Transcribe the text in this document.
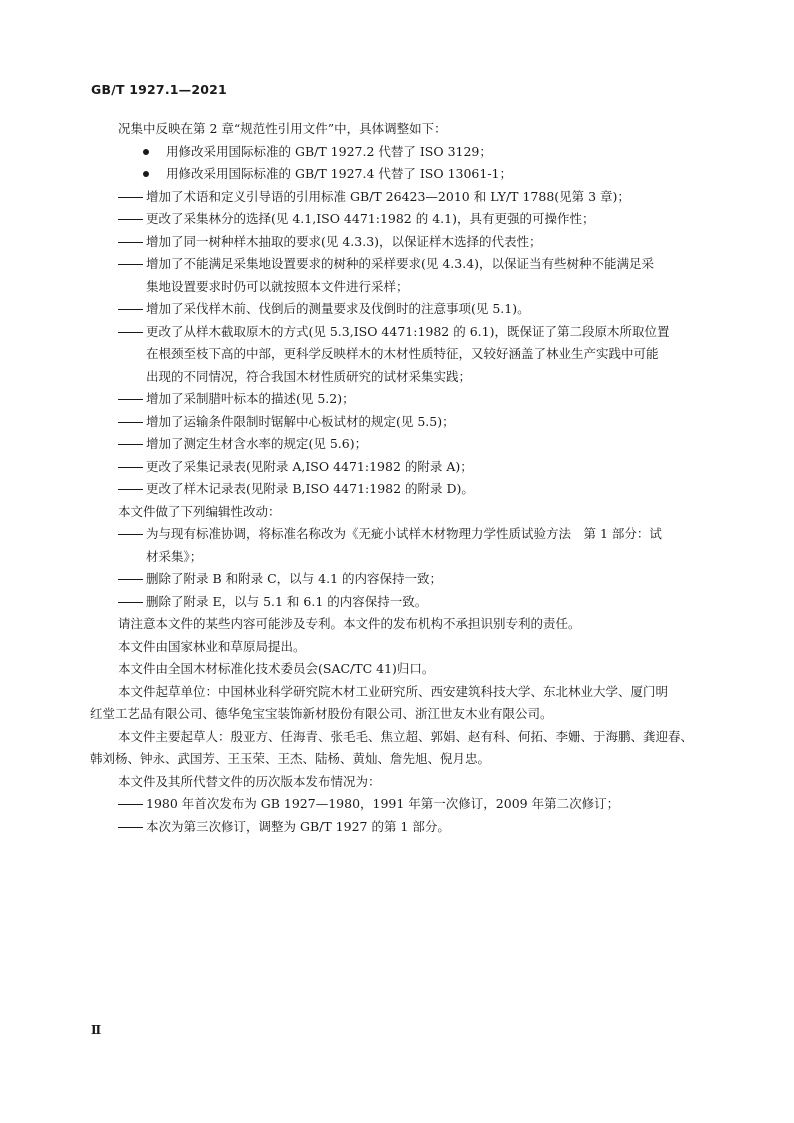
GB/T 1927.1—2021
况集中反映在第 2 章“规范性引用文件”中，具体调整如下：
用修改采用国际标准的 GB/T 1927.2 代替了 ISO 3129；
用修改采用国际标准的 GB/T 1927.4 代替了 ISO 13061-1；
增加了术语和定义引导语的引用标准 GB/T 26423—2010 和 LY/T 1788(见第 3 章)；
更改了采集林分的选择(见 4.1,ISO 4471:1982 的 4.1)，具有更强的可操作性；
增加了同一树种样木抽取的要求(见 4.3.3)，以保证样木选择的代表性；
增加了不能满足采集地设置要求的树种的采样要求(见 4.3.4)，以保证当有些树种不能满足采
集地设置要求时仍可以就按照本文件进行采样；
增加了采伐样木前、伐倒后的测量要求及伐倒时的注意事项(见 5.1)。
更改了从样木截取原木的方式(见 5.3,ISO 4471:1982 的 6.1)，既保证了第二段原木所取位置
在根颈至枝下高的中部，更科学反映样木的木材性质特征，又较好涵盖了林业生产实践中可能
出现的不同情况，符合我国木材性质研究的试材采集实践；
增加了采制腊叶标本的描述(见 5.2)；
增加了运输条件限制时锯解中心板试材的规定(见 5.5)；
增加了测定生材含水率的规定(见 5.6)；
更改了采集记录表(见附录 A,ISO 4471:1982 的附录 A)；
更改了样木记录表(见附录 B,ISO 4471:1982 的附录 D)。
本文件做了下列编辑性改动：
为与现有标准协调，将标准名称改为《无疵小试样木材物理力学性质试验方法　第 1 部分：试
材采集》；
删除了附录 B 和附录 C，以与 4.1 的内容保持一致；
删除了附录 E，以与 5.1 和 6.1 的内容保持一致。
请注意本文件的某些内容可能涉及专利。本文件的发布机构不承担识别专利的责任。
本文件由国家林业和草原局提出。
本文件由全国木材标准化技术委员会(SAC/TC 41)归口。
本文件起草单位：中国林业科学研究院木材工业研究所、西安建筑科技大学、东北林业大学、厦门明
红堂工艺品有限公司、德华兔宝宝装饰新材股份有限公司、浙江世友木业有限公司。
本文件主要起草人：殷亚方、任海青、张毛毛、焦立超、郭娟、赵有科、何拓、李姗、于海鹏、龚迎春、
韩刘杨、钟永、武国芳、王玉荣、王杰、陆杨、黄灿、詹先旭、倪月忠。
本文件及其所代替文件的历次版本发布情况为：
1980 年首次发布为 GB 1927—1980，1991 年第一次修订，2009 年第二次修订；
本次为第三次修订，调整为 GB/T 1927 的第 1 部分。
Ⅱ
